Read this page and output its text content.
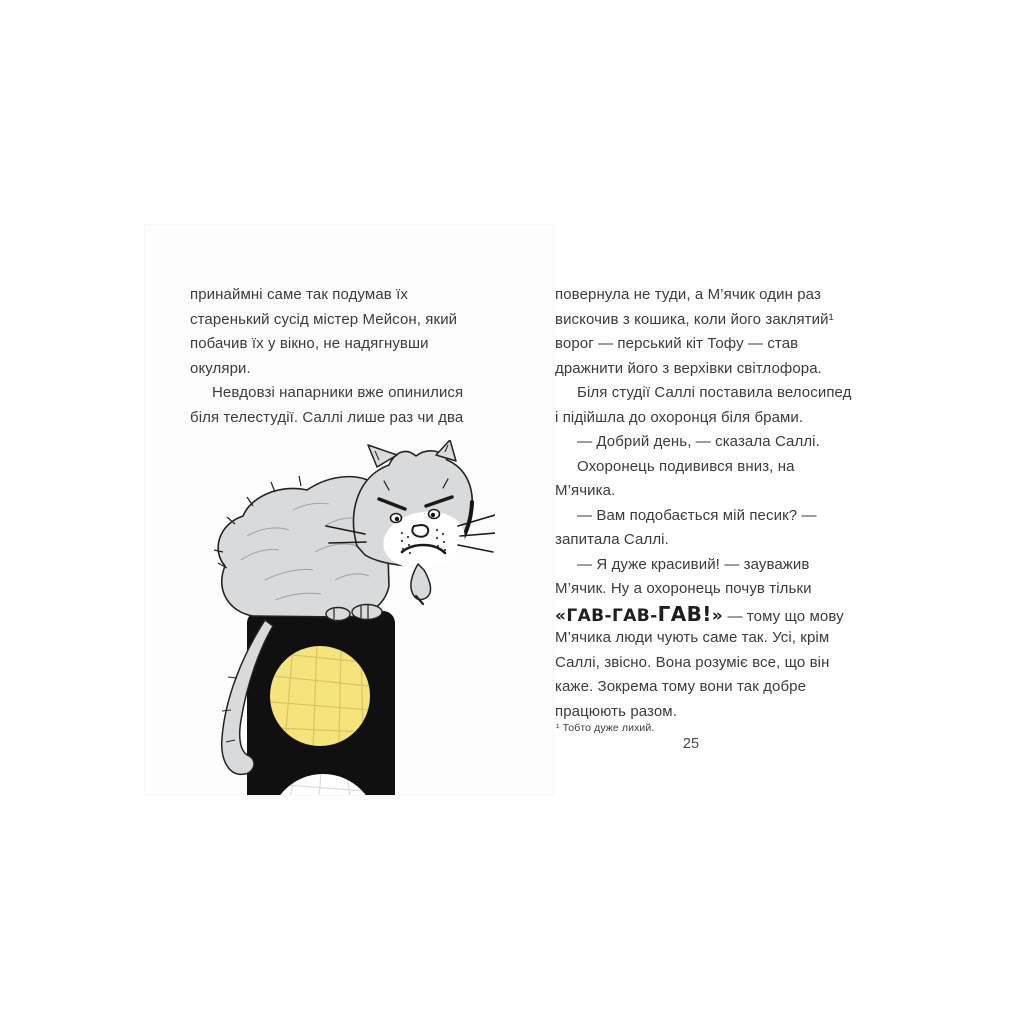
принаймні саме так подумав їх
старенький сусід містер Мейсон, який
побачив їх у вікно, не надягнувши
окуляри.
Невдовзі напарники вже опинилися
біля телестудії. Саллі лише раз чи два
повернула не туди, а М’ячик один раз
вискочив з кошика, коли його заклятий¹
ворог — перський кіт Тофу — став
дражнити його з верхівки світлофора.
Біля студії Саллі поставила велосипед
і підійшла до охоронця біля брами.
— Добрий день, — сказала Саллі.
Охоронець подивився вниз, на
М’ячика.
— Вам подобається мій песик? —
запитала Саллі.
— Я дуже красивий! — зауважив
М’ячик. Ну а охоронець почув тільки
«ГАВ-ГАВ-ГАВ!» — тому що мову
М’ячика люди чують саме так. Усі, крім
Саллі, звісно. Вона розуміє все, що він
каже. Зокрема тому вони так добре
працюють разом.
¹ Тобто дуже лихий.
25
